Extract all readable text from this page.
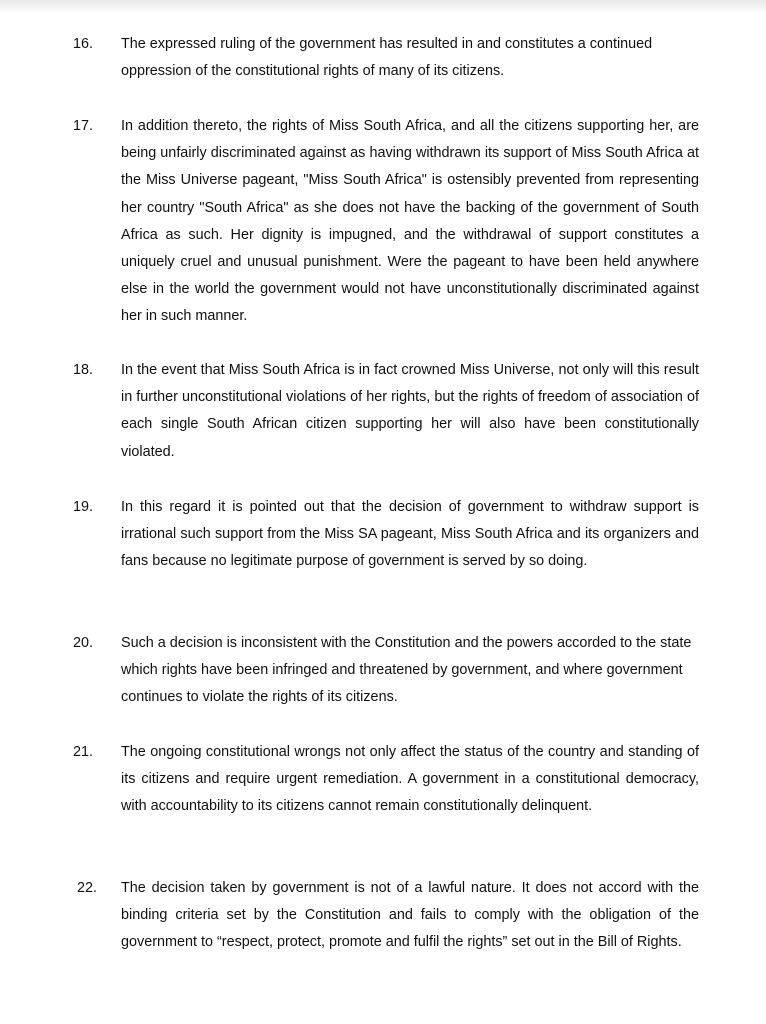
16. The expressed ruling of the government has resulted in and constitutes a continued oppression of the constitutional rights of many of its citizens.

17. In addition thereto, the rights of Miss South Africa, and all the citizens supporting her, are being unfairly discriminated against as having withdrawn its support of Miss South Africa at the Miss Universe pageant, "Miss South Africa" is ostensibly prevented from representing her country "South Africa" as she does not have the backing of the government of South Africa as such. Her dignity is impugned, and the withdrawal of support constitutes a uniquely cruel and unusual punishment. Were the pageant to have been held anywhere else in the world the government would not have unconstitutionally discriminated against her in such manner.

18. In the event that Miss South Africa is in fact crowned Miss Universe, not only will this result in further unconstitutional violations of her rights, but the rights of freedom of association of each single South African citizen supporting her will also have been constitutionally violated.

19. In this regard it is pointed out that the decision of government to withdraw support is irrational such support from the Miss SA pageant, Miss South Africa and its organizers and fans because no legitimate purpose of government is served by so doing.

20. Such a decision is inconsistent with the Constitution and the powers accorded to the state which rights have been infringed and threatened by government, and where government continues to violate the rights of its citizens.

21. The ongoing constitutional wrongs not only affect the status of the country and standing of its citizens and require urgent remediation. A government in a constitutional democracy, with accountability to its citizens cannot remain constitutionally delinquent.

22. The decision taken by government is not of a lawful nature. It does not accord with the binding criteria set by the Constitution and fails to comply with the obligation of the government to “respect, protect, promote and fulfil the rights” set out in the Bill of Rights.
